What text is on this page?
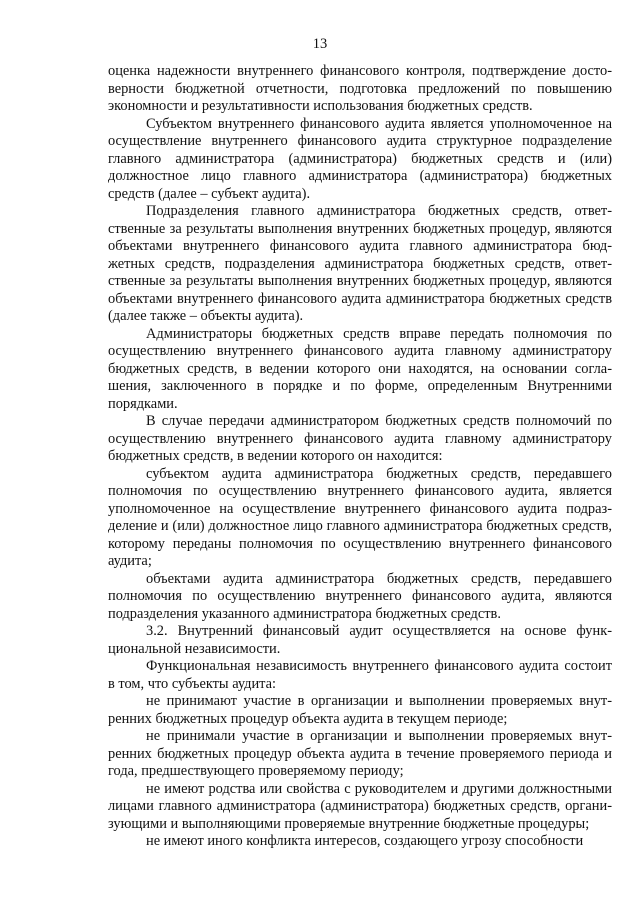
13

оценка надежности внутреннего финансового контроля, подтверждение достоверности бюджетной отчетности, подготовка предложений по повышению экономности и результативности использования бюджетных средств.

Субъектом внутреннего финансового аудита является уполномоченное на осуществление внутреннего финансового аудита структурное подразделение главного администратора (администратора) бюджетных средств и (или) должностное лицо главного администратора (администратора) бюджетных средств (далее – субъект аудита).

Подразделения главного администратора бюджетных средств, ответственные за результаты выполнения внутренних бюджетных процедур, являются объектами внутреннего финансового аудита главного администратора бюджетных средств, подразделения администратора бюджетных средств, ответственные за результаты выполнения внутренних бюджетных процедур, являются объектами внутреннего финансового аудита администратора бюджетных средств (далее также – объекты аудита).

Администраторы бюджетных средств вправе передать полномочия по осуществлению внутреннего финансового аудита главному администратору бюджетных средств, в ведении которого они находятся, на основании соглашения, заключенного в порядке и по форме, определенным Внутренними порядками.

В случае передачи администратором бюджетных средств полномочий по осуществлению внутреннего финансового аудита главному администратору бюджетных средств, в ведении которого он находится:

субъектом аудита администратора бюджетных средств, передавшего полномочия по осуществлению внутреннего финансового аудита, является уполномоченное на осуществление внутреннего финансового аудита подразделение и (или) должностное лицо главного администратора бюджетных средств, которому переданы полномочия по осуществлению внутреннего финансового аудита;

объектами аудита администратора бюджетных средств, передавшего полномочия по осуществлению внутреннего финансового аудита, являются подразделения указанного администратора бюджетных средств.

3.2. Внутренний финансовый аудит осуществляется на основе функциональной независимости.

Функциональная независимость внутреннего финансового аудита состоит в том, что субъекты аудита:

не принимают участие в организации и выполнении проверяемых внутренних бюджетных процедур объекта аудита в текущем периоде;

не принимали участие в организации и выполнении проверяемых внутренних бюджетных процедур объекта аудита в течение проверяемого периода и года, предшествующего проверяемому периоду;

не имеют родства или свойства с руководителем и другими должностными лицами главного администратора (администратора) бюджетных средств, организующими и выполняющими проверяемые внутренние бюджетные процедуры;

не имеют иного конфликта интересов, создающего угрозу способности
